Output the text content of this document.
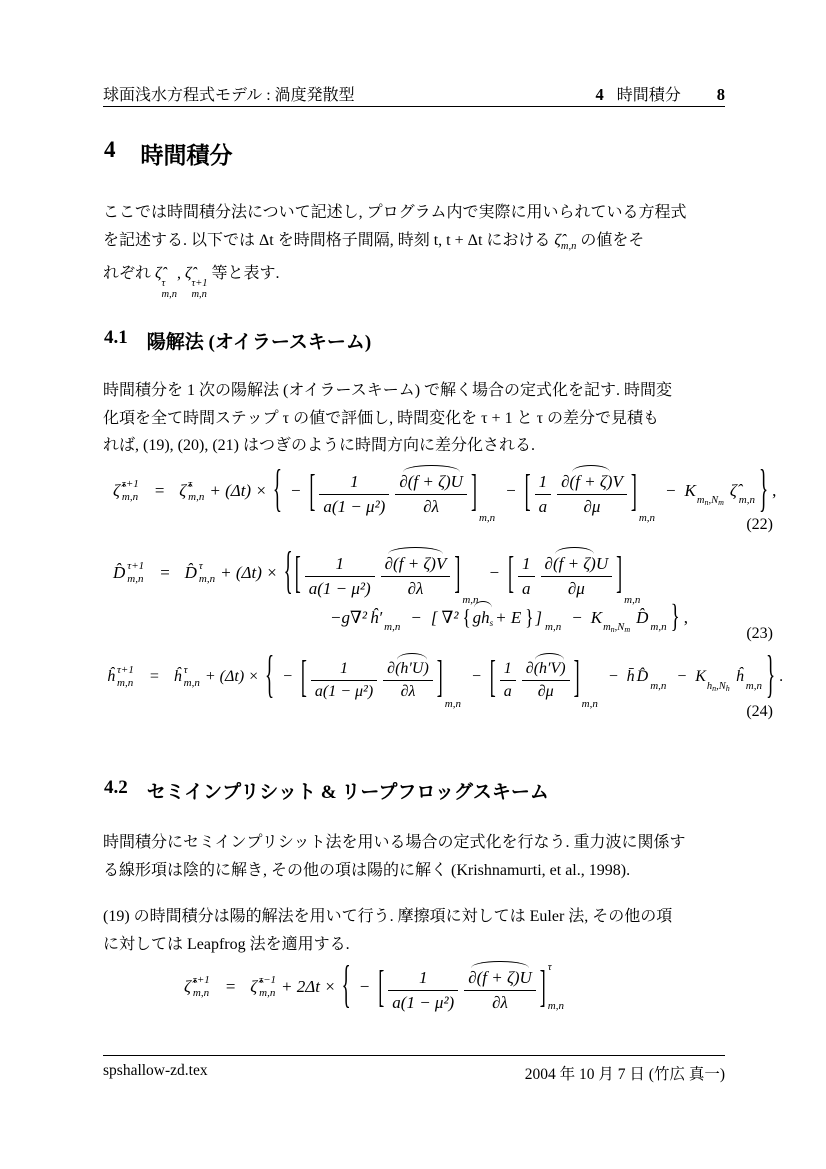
球面浅水方程式モデル : 渦度発散型	4 時間積分 8
4 時間積分
ここでは時間積分法について記述し, プログラム内で実際に用いられている方程式
を記述する. 以下では Δt を時間格子間隔, 時刻 t, t + Δt における $\zetâ_{m,n}$ の値をそ
れぞれ ζ̂
τ
m,n
, ζ̂
τ+1
m,n
等と表す.
4.1 陽解法 (オイラースキーム)
時間積分を 1 次の陽解法 (オイラースキーム) で解く場合の定式化を記す. 時間変
化項を全て時間ステップ τ の値で評価し, 時間変化を τ + 1 と τ の差分で見積も
れば, (19), (20), (21) はつぎのように時間方向に差分化される.
ζ̂ τ+1
m,n = ζ̂ τ
m,n + (Δt) × { − [ $\frac{1}{\text{a(1 − μ²)}} \partial(f + \zeta)U$
∂λ	]
m,n
− [ $\frac{1}{a} \partial(f + \zeta)V$
∂μ	]
m,n
− K m n ,N m
ζ̂ m,n } ,
(22)
D̂ τ+1
m,n = D̂ τ
m,n + (Δt) × { [ $\frac{1}{\text{a(1 − μ²)}} \partial(f + \zeta)V$
∂λ	]
m,n
− [ $\frac{1}{a} \partial(f + \zeta)U$
∂μ	]
m,n
−g∇² ĥ′ m,n − [ ∇² { ghs + E } ] m,n − K m n ,N m
D̂ m,n } ,
(23)
ĥ τ+1
m,n = ĥ τ
m,n + (Δt) × { − [ $\frac{1}{\text{a(1 − μ²)}} \partial(h'U)$
∂λ	]
m,n
− [ $\frac{1}{a} \partial(h'V)$
∂μ	]
m,n
− h̄ D̂
m,n
− K
h n ,N h
ĥ
m,n } .
(24)
4.2 セミインプリシット & リープフロッグスキーム
時間積分にセミインプリシット法を用いる場合の定式化を行なう. 重力波に関係す
る線形項は陰的に解き, その他の項は陽的に解く (Krishnamurti, et al., 1998).
(19) の時間積分は陽的解法を用いて行う. 摩擦項に対しては Euler 法, その他の項
に対しては Leapfrog 法を適用する.
ζ̂ τ+1
m,n = ζ̂ τ−1
m,n + 2Δt × { − [ $\frac{1}{\text{a(1 − μ²)}} \partial(f + \zeta)U$
∂λ	] τ
m,n
spshallow-zd.tex	2004 年 10 月 7 日 (竹広 真一)
